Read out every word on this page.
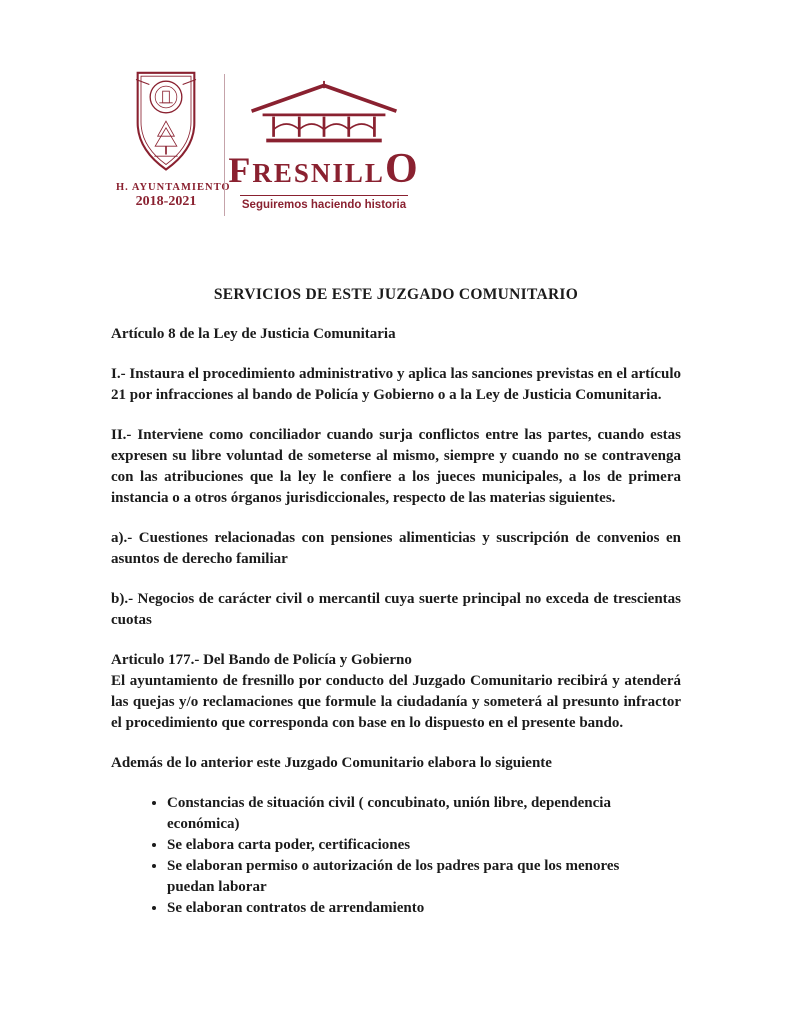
H. AYUNTAMIENTO
2018-2021
F RESNILL O
Seguiremos haciendo historia
SERVICIOS DE ESTE JUZGADO COMUNITARIO
Artículo 8 de la Ley de Justicia Comunitaria
I.- Instaura el procedimiento administrativo y aplica las sanciones previstas en el artículo 21 por infracciones al bando de Policía y Gobierno o a la Ley de Justicia Comunitaria.
II.- Interviene como conciliador cuando surja conflictos entre las partes, cuando estas expresen su libre voluntad de someterse al mismo, siempre y cuando no se contravenga con las atribuciones que la ley le confiere a los jueces municipales, a los de primera instancia o a otros órganos jurisdiccionales, respecto de las materias siguientes.
a).- Cuestiones relacionadas con pensiones alimenticias y suscripción de convenios en asuntos de derecho familiar
b).- Negocios de carácter civil o mercantil cuya suerte principal no exceda de trescientas cuotas
Articulo 177.- Del Bando de Policía y Gobierno
El ayuntamiento de fresnillo por conducto del Juzgado Comunitario recibirá y atenderá las quejas y/o reclamaciones que formule la ciudadanía y someterá al presunto infractor el procedimiento que corresponda con base en lo dispuesto en el presente bando.
Además de lo anterior este Juzgado Comunitario elabora lo siguiente
• Constancias de situación civil ( concubinato, unión libre, dependencia económica)
• Se elabora carta poder, certificaciones
• Se elaboran permiso o autorización de los padres para que los menores puedan laborar
• Se elaboran contratos de arrendamiento
